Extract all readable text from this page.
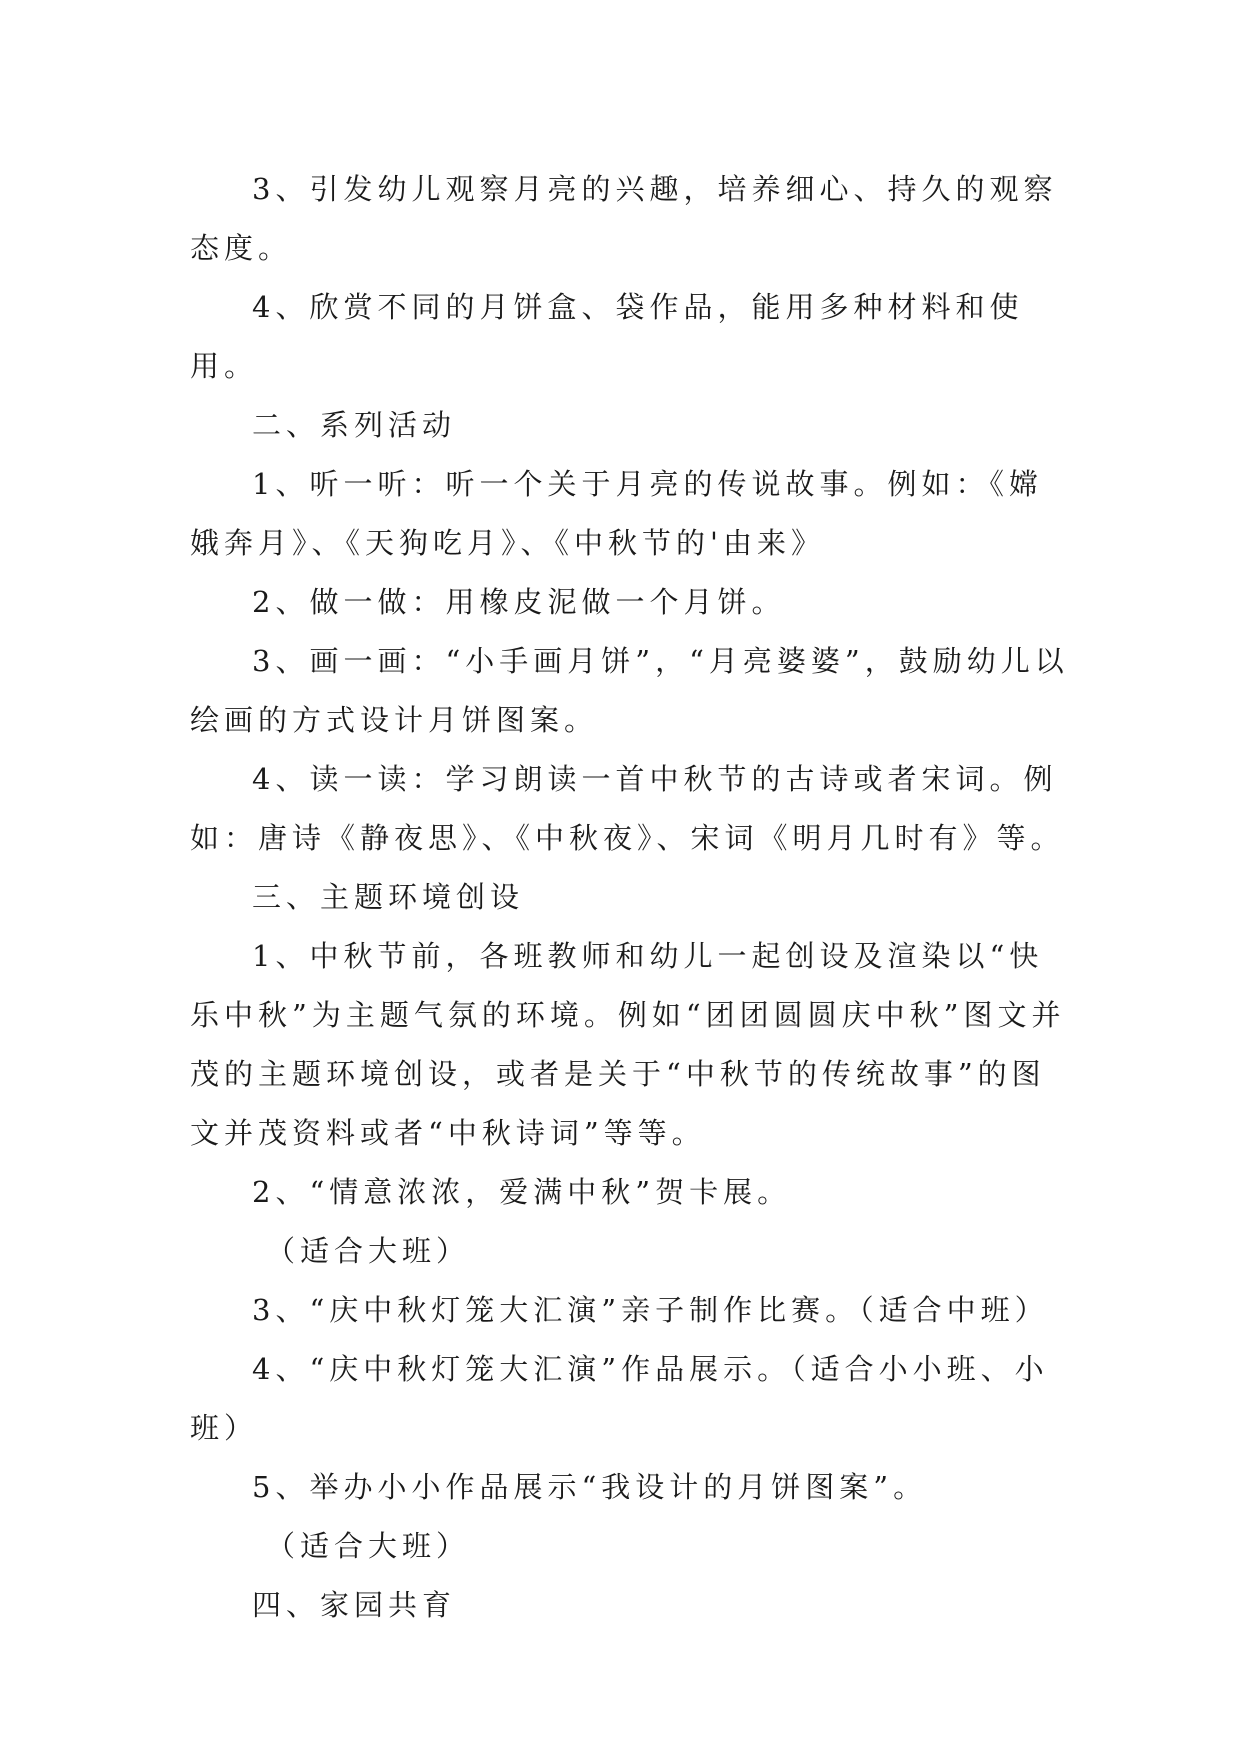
3、引发幼儿观察月亮的兴趣，培养细心、持久的观察态度。

4、欣赏不同的月饼盒、袋作品，能用多种材料和使用。

二、系列活动

1、听一听：听一个关于月亮的传说故事。例如：《嫦娥奔月》、《天狗吃月》、《中秋节的'由来》

2、做一做：用橡皮泥做一个月饼。

3、画一画：“小手画月饼”，“月亮婆婆”，鼓励幼儿以绘画的方式设计月饼图案。

4、读一读：学习朗读一首中秋节的古诗或者宋词。例如：唐诗《静夜思》、《中秋夜》、宋词《明月几时有》等。

三、主题环境创设

1、中秋节前，各班教师和幼儿一起创设及渲染以“快乐中秋”为主题气氛的环境。例如“团团圆圆庆中秋”图文并茂的主题环境创设，或者是关于“中秋节的传统故事”的图文并茂资料或者“中秋诗词”等等。

2、“情意浓浓，爱满中秋”贺卡展。

（适合大班）

3、“庆中秋灯笼大汇演”亲子制作比赛。（适合中班）

4、“庆中秋灯笼大汇演”作品展示。（适合小小班、小班）

5、举办小小作品展示“我设计的月饼图案”。

（适合大班）

四、家园共育
